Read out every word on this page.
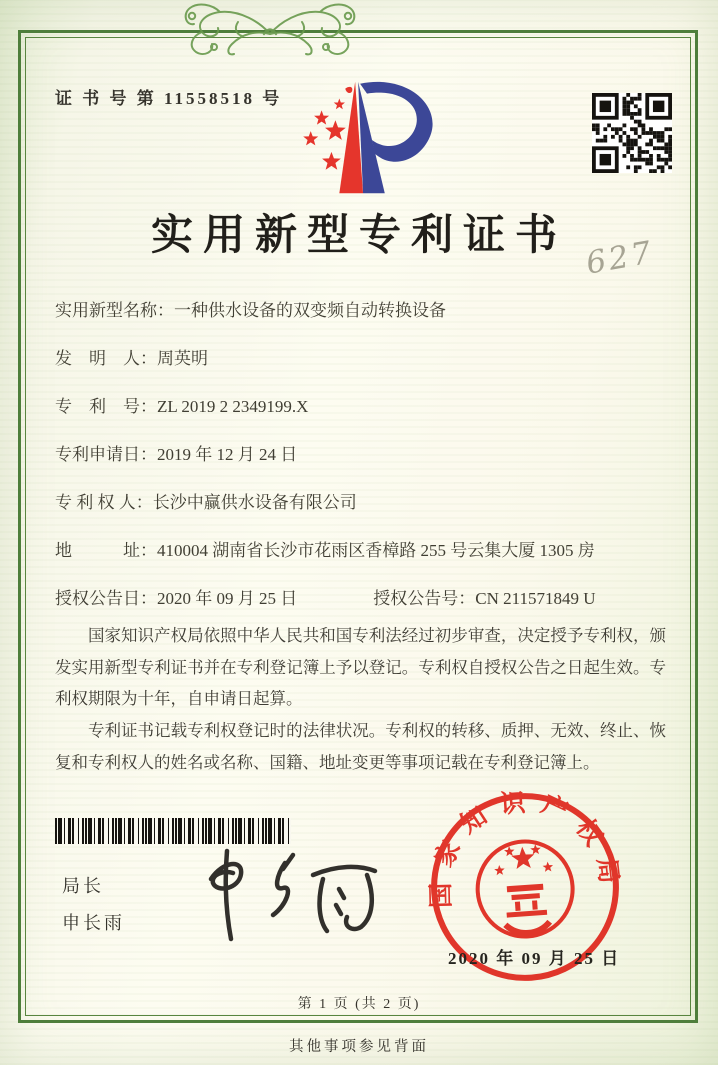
证 书 号 第 11558518 号
实用新型专利证书 627
实用新型名称：一种供水设备的双变频自动转换设备
发　明　人：周英明
专　利　号：ZL 2019 2 2349199.X
专利申请日：2019 年 12 月 24 日
专 利 权 人：长沙中赢供水设备有限公司
地　　　址：410004 湖南省长沙市花雨区香樟路 255 号云集大厦 1305 房
授权公告日：2020 年 09 月 25 日	授权公告号：CN 211571849 U

国家知识产权局依照中华人民共和国专利法经过初步审查，决定授予专利权，颁发实用新型专利证书并在专利登记簿上予以登记。专利权自授权公告之日起生效。专利权期限为十年，自申请日起算。

专利证书记载专利权登记时的法律状况。专利权的转移、质押、无效、终止、恢复和专利权人的姓名或名称、国籍、地址变更等事项记载在专利登记簿上。

局长
申长雨
国家知识产权局
2020 年 09 月 25 日
第 1 页 (共 2 页)
其他事项参见背面
